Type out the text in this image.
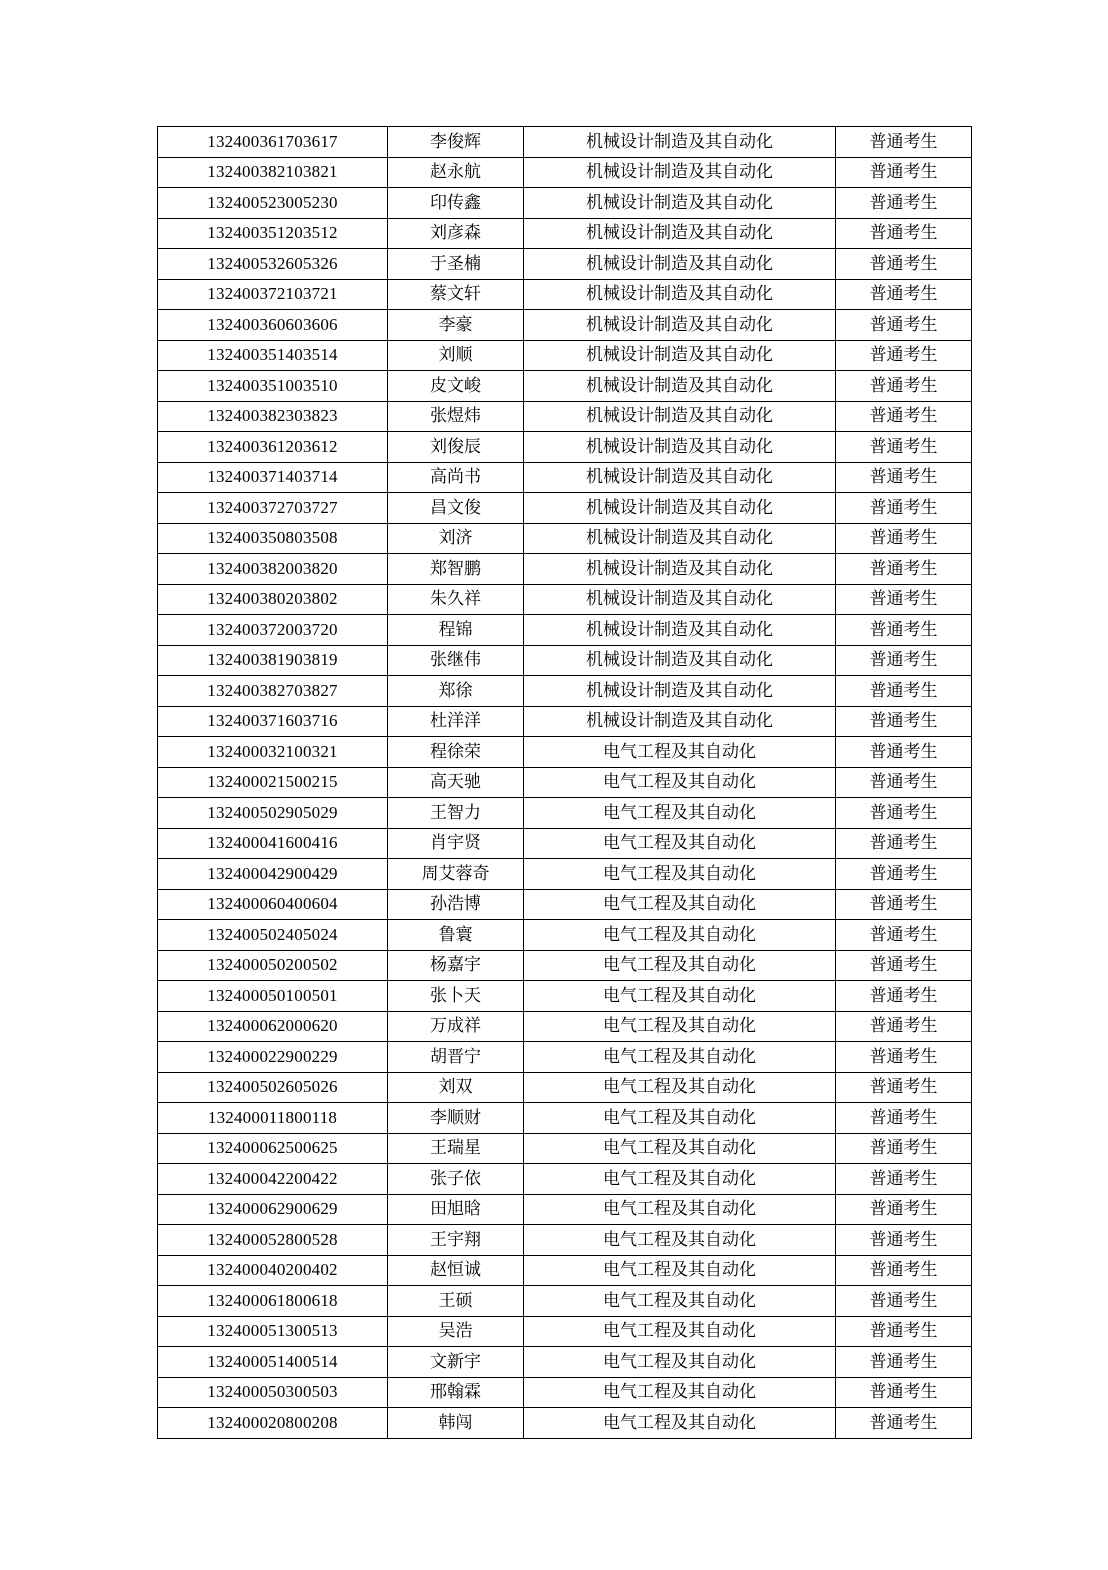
132400361703617	李俊辉	机械设计制造及其自动化	普通考生
132400382103821	赵永航	机械设计制造及其自动化	普通考生
132400523005230	印传鑫	机械设计制造及其自动化	普通考生
132400351203512	刘彦森	机械设计制造及其自动化	普通考生
132400532605326	于圣楠	机械设计制造及其自动化	普通考生
132400372103721	蔡文轩	机械设计制造及其自动化	普通考生
132400360603606	李豪	机械设计制造及其自动化	普通考生
132400351403514	刘顺	机械设计制造及其自动化	普通考生
132400351003510	皮文峻	机械设计制造及其自动化	普通考生
132400382303823	张煜炜	机械设计制造及其自动化	普通考生
132400361203612	刘俊辰	机械设计制造及其自动化	普通考生
132400371403714	高尚书	机械设计制造及其自动化	普通考生
132400372703727	昌文俊	机械设计制造及其自动化	普通考生
132400350803508	刘济	机械设计制造及其自动化	普通考生
132400382003820	郑智鹏	机械设计制造及其自动化	普通考生
132400380203802	朱久祥	机械设计制造及其自动化	普通考生
132400372003720	程锦	机械设计制造及其自动化	普通考生
132400381903819	张继伟	机械设计制造及其自动化	普通考生
132400382703827	郑徐	机械设计制造及其自动化	普通考生
132400371603716	杜洋洋	机械设计制造及其自动化	普通考生
132400032100321	程徐荣	电气工程及其自动化	普通考生
132400021500215	高天驰	电气工程及其自动化	普通考生
132400502905029	王智力	电气工程及其自动化	普通考生
132400041600416	肖宇贤	电气工程及其自动化	普通考生
132400042900429	周艾蓉奇	电气工程及其自动化	普通考生
132400060400604	孙浩博	电气工程及其自动化	普通考生
132400502405024	鲁寰	电气工程及其自动化	普通考生
132400050200502	杨嘉宇	电气工程及其自动化	普通考生
132400050100501	张卜天	电气工程及其自动化	普通考生
132400062000620	万成祥	电气工程及其自动化	普通考生
132400022900229	胡晋宁	电气工程及其自动化	普通考生
132400502605026	刘双	电气工程及其自动化	普通考生
132400011800118	李顺财	电气工程及其自动化	普通考生
132400062500625	王瑞星	电气工程及其自动化	普通考生
132400042200422	张子依	电气工程及其自动化	普通考生
132400062900629	田旭晗	电气工程及其自动化	普通考生
132400052800528	王宇翔	电气工程及其自动化	普通考生
132400040200402	赵恒诚	电气工程及其自动化	普通考生
132400061800618	王硕	电气工程及其自动化	普通考生
132400051300513	吴浩	电气工程及其自动化	普通考生
132400051400514	文新宇	电气工程及其自动化	普通考生
132400050300503	邢翰霖	电气工程及其自动化	普通考生
132400020800208	韩闯	电气工程及其自动化	普通考生
